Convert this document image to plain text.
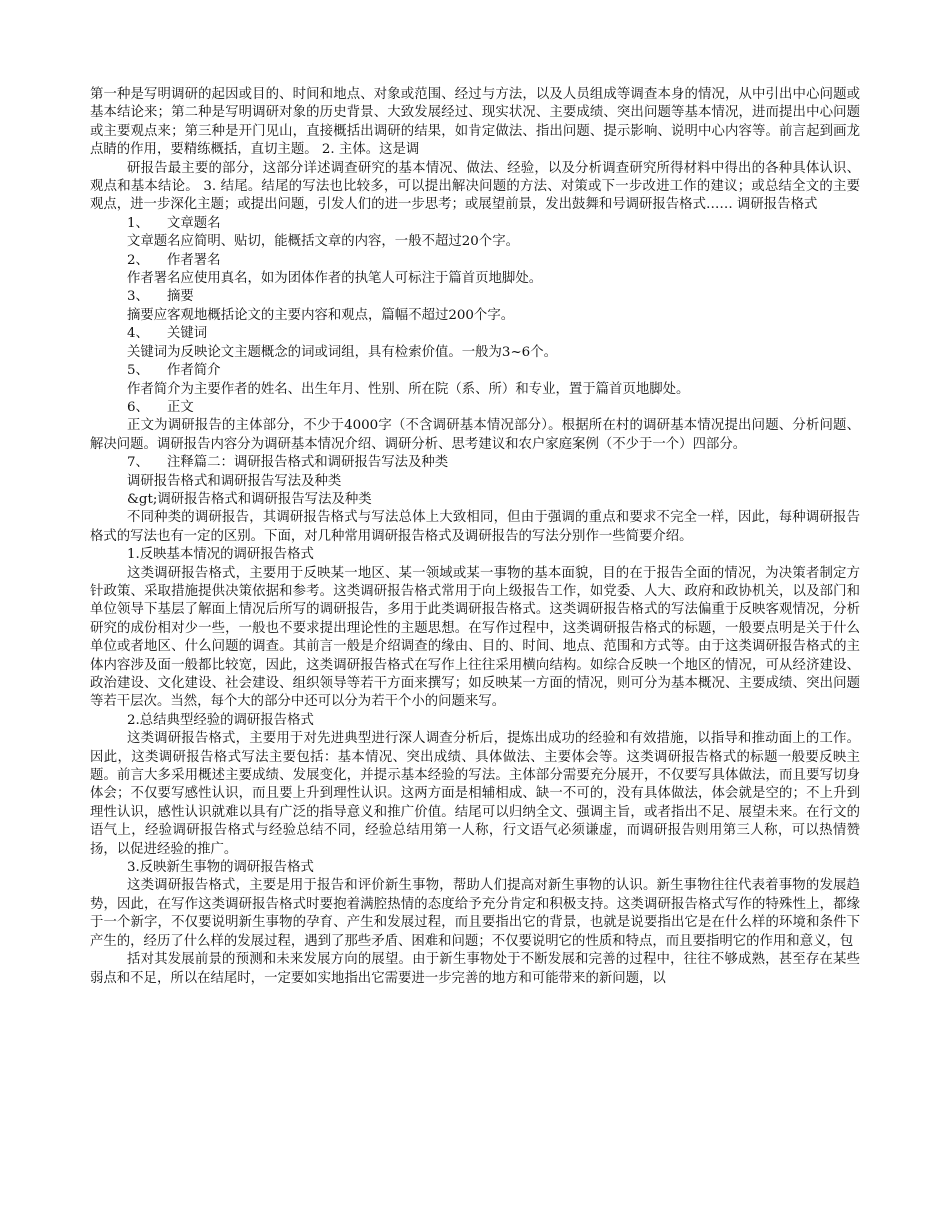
第一种是写明调研的起因或目的、时间和地点、对象或范围、经过与方法，以及人员组成等调查本身的情况，从中引出中心问题或基本结论来；第二种是写明调研对象的历史背景、大致发展经过、现实状况、主要成绩、突出问题等基本情况，进而提出中心问题或主要观点来；第三种是开门见山，直接概括出调研的结果，如肯定做法、指出问题、提示影响、说明中心内容等。前言起到画龙点睛的作用，要精练概括，直切主题。 2. 主体。这是调

研报告最主要的部分，这部分详述调查研究的基本情况、做法、经验，以及分析调查研究所得材料中得出的各种具体认识、观点和基本结论。 3. 结尾。结尾的写法也比较多，可以提出解决问题的方法、对策或下一步改进工作的建议；或总结全文的主要观点，进一步深化主题；或提出问题，引发人们的进一步思考；或展望前景，发出鼓舞和号调研报告格式…… 调研报告格式

1、 文章题名

文章题名应简明、贴切，能概括文章的内容，一般不超过20个字。

2、 作者署名

作者署名应使用真名，如为团体作者的执笔人可标注于篇首页地脚处。

3、 摘要

摘要应客观地概括论文的主要内容和观点，篇幅不超过200个字。

4、 关键词

关键词为反映论文主题概念的词或词组，具有检索价值。一般为3~6个。

5、 作者简介

作者简介为主要作者的姓名、出生年月、性别、所在院（系、所）和专业，置于篇首页地脚处。

6、 正文

正文为调研报告的主体部分，不少于4000字（不含调研基本情况部分）。根据所在村的调研基本情况提出问题、分析问题、解决问题。调研报告内容分为调研基本情况介绍、调研分析、思考建议和农户家庭案例（不少于一个）四部分。

7、 注释篇二：调研报告格式和调研报告写法及种类

调研报告格式和调研报告写法及种类

&gt;调研报告格式和调研报告写法及种类

不同种类的调研报告，其调研报告格式与写法总体上大致相同，但由于强调的重点和要求不完全一样，因此，每种调研报告格式的写法也有一定的区别。下面，对几种常用调研报告格式及调研报告的写法分别作一些简要介绍。

1.反映基本情况的调研报告格式

这类调研报告格式，主要用于反映某一地区、某一领域或某一事物的基本面貌，目的在于报告全面的情况，为决策者制定方针政策、采取措施提供决策依据和参考。这类调研报告格式常用于向上级报告工作，如党委、人大、政府和政协机关，以及部门和单位领导下基层了解面上情况后所写的调研报告，多用于此类调研报告格式。这类调研报告格式的写法偏重于反映客观情况，分析研究的成份相对少一些，一般也不要求提出理论性的主题思想。在写作过程中，这类调研报告格式的标题，一般要点明是关于什么单位或者地区、什么问题的调查。其前言一般是介绍调查的缘由、目的、时间、地点、范围和方式等。由于这类调研报告格式的主体内容涉及面一般都比较宽，因此，这类调研报告格式在写作上往往采用横向结构。如综合反映一个地区的情况，可从经济建设、政治建设、文化建设、社会建设、组织领导等若干方面来撰写；如反映某一方面的情况，则可分为基本概况、主要成绩、突出问题等若干层次。当然，每个大的部分中还可以分为若干个小的问题来写。

2.总结典型经验的调研报告格式

这类调研报告格式，主要用于对先进典型进行深人调查分析后，提炼出成功的经验和有效措施，以指导和推动面上的工作。因此，这类调研报告格式写法主要包括：基本情况、突出成绩、具体做法、主要体会等。这类调研报告格式的标题一般要反映主题。前言大多采用概述主要成绩、发展变化，并提示基本经验的写法。主体部分需要充分展开，不仅要写具体做法，而且要写切身体会；不仅要写感性认识，而且要上升到理性认识。这两方面是相辅相成、缺一不可的，没有具体做法，体会就是空的；不上升到理性认识，感性认识就难以具有广泛的指导意义和推广价值。结尾可以归纳全文、强调主旨，或者指出不足、展望未来。在行文的语气上，经验调研报告格式与经验总结不同，经验总结用第一人称，行文语气必须谦虚，而调研报告则用第三人称，可以热情赞扬，以促进经验的推广。

3.反映新生事物的调研报告格式

这类调研报告格式，主要是用于报告和评价新生事物，帮助人们提高对新生事物的认识。新生事物往往代表着事物的发展趋势，因此，在写作这类调研报告格式时要抱着满腔热情的态度给予充分肯定和积极支持。这类调研报告格式写作的特殊性上，都缘于一个新字，不仅要说明新生事物的孕育、产生和发展过程，而且要指出它的背景，也就是说要指出它是在什么样的环境和条件下产生的，经历了什么样的发展过程，遇到了那些矛盾、困难和问题；不仅要说明它的性质和特点，而且要指明它的作用和意义，包

括对其发展前景的预测和未来发展方向的展望。由于新生事物处于不断发展和完善的过程中，往往不够成熟，甚至存在某些弱点和不足，所以在结尾时，一定要如实地指出它需要进一步完善的地方和可能带来的新问题，以
